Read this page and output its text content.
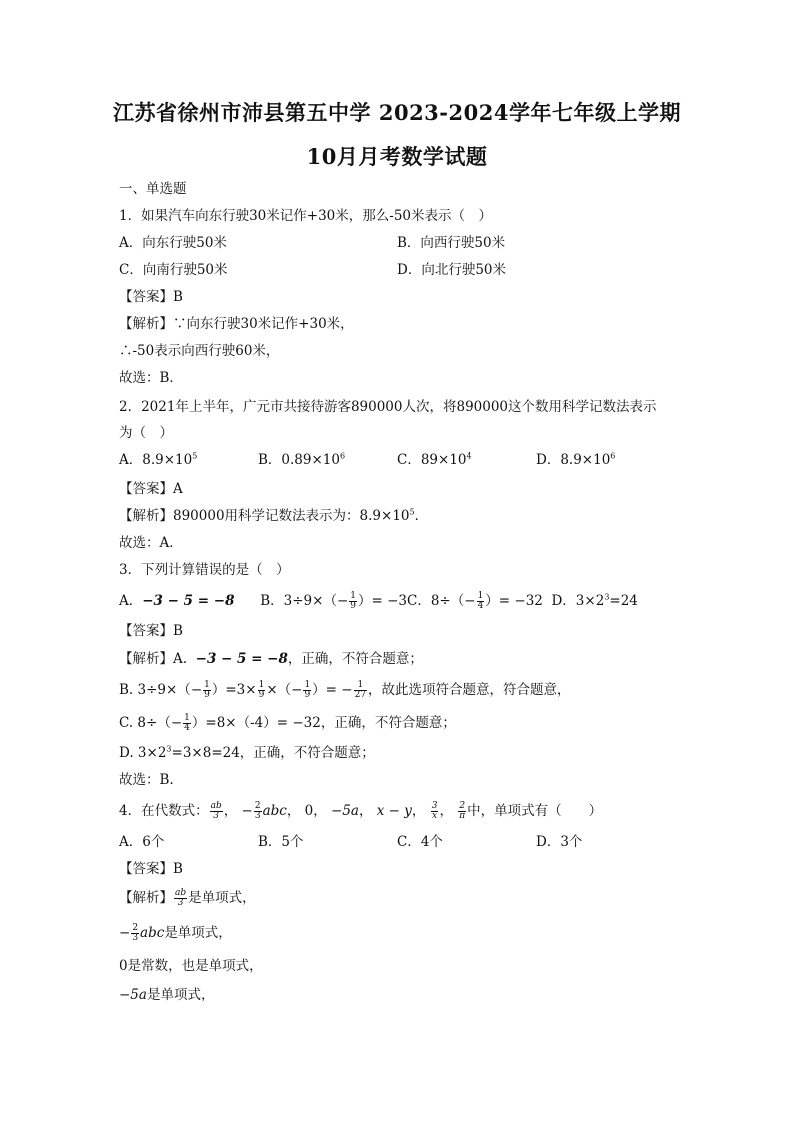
江苏省徐州市沛县第五中学 2023-2024学年七年级上学期
10月月考数学试题
一、单选题
1．如果汽车向东行驶30米记作+30米，那么-50米表示（　）
A．向东行驶50米	B．向西行驶50米
C．向南行驶50米	D．向北行驶50米
【答案】B
【解析】∵向东行驶30米记作+30米，
∴-50表示向西行驶60米，
故选：B．
2．2021年上半年，广元市共接待游客890000人次，将890000这个数用科学记数法表示
为（　）
A．$8.9\times 10^5$	B．$0.89\times 10^6$	C．$89\times 10^4$	D．$8.9\times 10^6$
【答案】A
【解析】890000用科学记数法表示为：$8.9\times 10^5$．
故选：A．
3．下列计算错误的是（　）
A．−3 − 5 = −8 B．$3\div 9\times(- \frac{1}{9}$ ）= −3C．$8\div(- \frac{1}{4}$ ）= −32 D．$3\times 2^3=24$
【答案】B
【解析】A. −3 − 5 = −8，正确，不符合题意；
B. $3\div 9\times(- \frac{1}{9} )=3\times \frac{1}{9}$ ×（− $\frac{1}{9}$ ）= − $\frac{1}{27}$ ，故此选项符合题意，符合题意，
C. $8\div(- \frac{1}{4} )=8\times(-4)= -32$，正确，不符合题意；
D. $3\times 2^3=3\times 8=24$，正确，不符合题意；
故选：B.
4．在代数式： $\frac{ab}{3}$ ， − $\frac{2}{3}$ abc， 0， −5a， x − y， $\frac{3}{x}$ ， $\frac{2}{\pi}$ 中，单项式有（　　）
A．6个	B．5个	C．4个	D．3个
【答案】B
【解析】 $\frac{ab}{3}$ 是单项式，
− $\frac{2}{3}$ abc是单项式，
0是常数，也是单项式，
−5a是单项式，
